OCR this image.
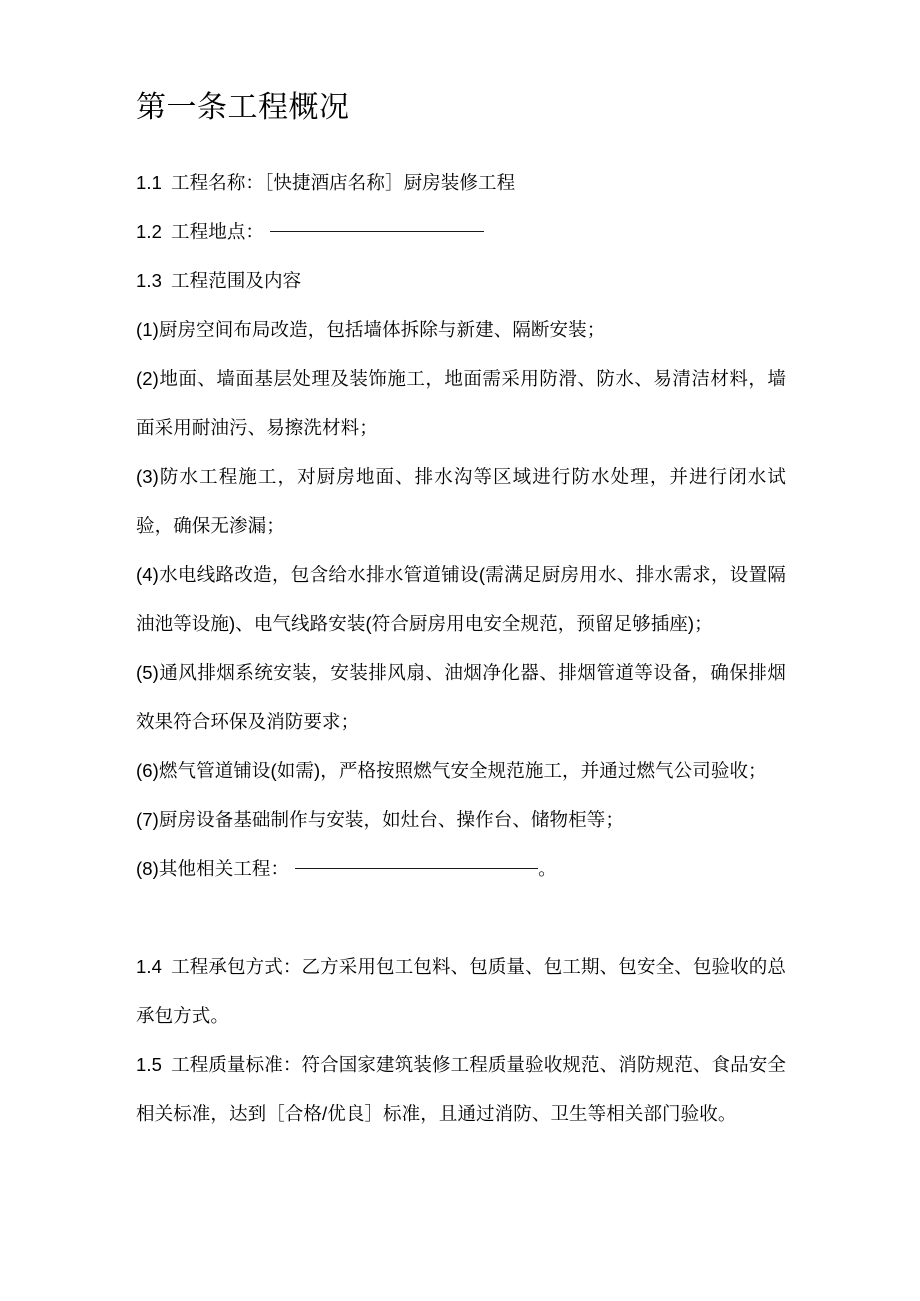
第一条工程概况

1.1 工程名称：［快捷酒店名称］厨房装修工程

1.2 工程地点：

1.3 工程范围及内容

(1)厨房空间布局改造，包括墙体拆除与新建、隔断安装；

(2)地面、墙面基层处理及装饰施工，地面需采用防滑、防水、易清洁材料，墙面采用耐油污、易擦洗材料；

(3)防水工程施工，对厨房地面、排水沟等区域进行防水处理，并进行闭水试验，确保无渗漏；

(4)水电线路改造，包含给水排水管道铺设(需满足厨房用水、排水需求，设置隔油池等设施)、电气线路安装(符合厨房用电安全规范，预留足够插座)；

(5)通风排烟系统安装，安装排风扇、油烟净化器、排烟管道等设备，确保排烟效果符合环保及消防要求；

(6)燃气管道铺设(如需)，严格按照燃气安全规范施工，并通过燃气公司验收；

(7)厨房设备基础制作与安装，如灶台、操作台、储物柜等；

(8)其他相关工程：	。

1.4 工程承包方式：乙方采用包工包料、包质量、包工期、包安全、包验收的总承包方式。

1.5 工程质量标准：符合国家建筑装修工程质量验收规范、消防规范、食品安全相关标准，达到［合格/优良］标准，且通过消防、卫生等相关部门验收。
